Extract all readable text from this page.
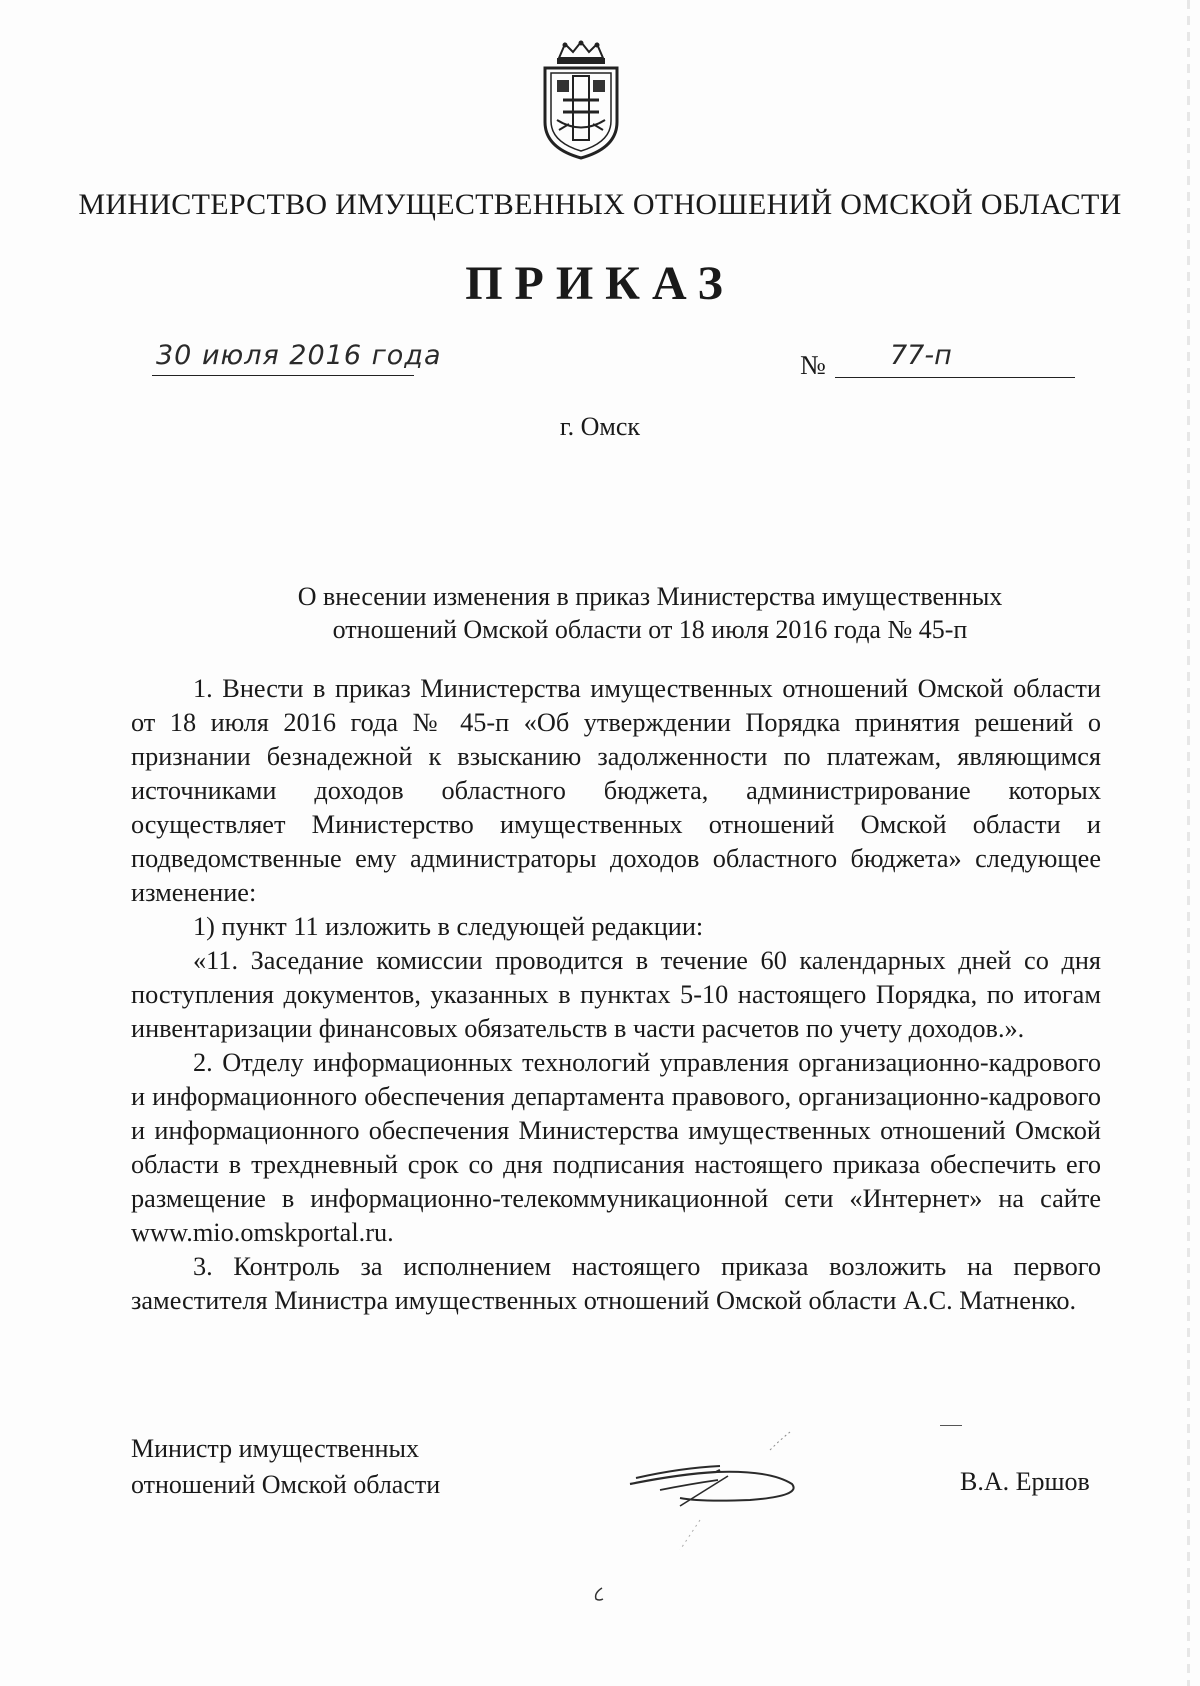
МИНИСТЕРСТВО ИМУЩЕСТВЕННЫХ ОТНОШЕНИЙ ОМСКОЙ ОБЛАСТИ
ПРИКАЗ
30 июля 2016 года	№ 77-п
г. Омск
О внесении изменения в приказ Министерства имущественных
отношений Омской области от 18 июля 2016 года № 45-п

1. Внести в приказ Министерства имущественных отношений Омской области от 18 июля 2016 года № 45-п «Об утверждении Порядка принятия решений о признании безнадежной к взысканию задолженности по платежам, являющимся источниками доходов областного бюджета, администрирование которых осуществляет Министерство имущественных отношений Омской области и подведомственные ему администраторы доходов областного бюджета» следующее изменение:

1) пункт 11 изложить в следующей редакции:

«11. Заседание комиссии проводится в течение 60 календарных дней со дня поступления документов, указанных в пунктах 5-10 настоящего Порядка, по итогам инвентаризации финансовых обязательств в части расчетов по учету доходов.».

2. Отделу информационных технологий управления организационно-кадрового и информационного обеспечения департамента правового, организационно-кадрового и информационного обеспечения Министерства имущественных отношений Омской области в трехдневный срок со дня подписания настоящего приказа обеспечить его размещение в информационно-телекоммуникационной сети «Интернет» на сайте www.mio.omskportal.ru.

3. Контроль за исполнением настоящего приказа возложить на первого заместителя Министра имущественных отношений Омской области А.С. Матненко.

Министр имущественных
отношений Омской области	В.А. Ершов
